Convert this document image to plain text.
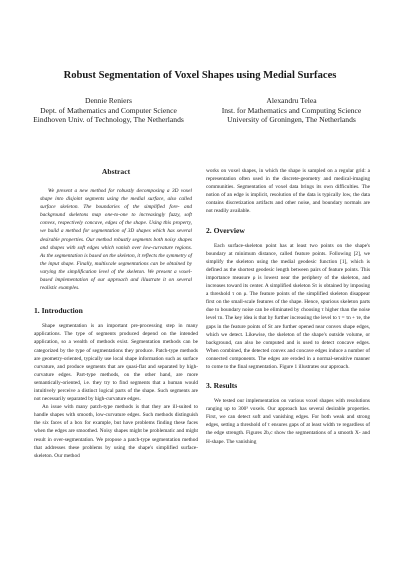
Robust Segmentation of Voxel Shapes using Medial Surfaces
Dennie Reniers
Dept. of Mathematics and Computer Science
Eindhoven Univ. of Technology, The Netherlands
Alexandru Telea
Inst. for Mathematics and Computing Science
University of Groningen, The Netherlands
Abstract

We present a new method for robustly decomposing a 3D voxel shape into disjoint segments using the medial surface, also called surface skeleton. The boundaries of the simplified fore- and background skeletons map one-to-one to increasingly fuzzy, soft convex, respectively concave, edges of the shape. Using this property, we build a method for segmentation of 3D shapes which has several desirable properties. Our method robustly segments both noisy shapes and shapes with soft edges which vanish over low-curvature regions. As the segmentation is based on the skeleton, it reflects the symmetry of the input shape. Finally, multiscale segmentations can be obtained by varying the simplification level of the skeleton. We present a voxel-based implementation of our approach and illustrate it on several realistic examples.

1. Introduction

Shape segmentation is an important pre-processing step in many applications. The type of segments produced depend on the intended application, so a wealth of methods exist. Segmentation methods can be categorized by the type of segmentations they produce. Patch-type methods are geometry-oriented, typically use local shape information such as surface curvature, and produce segments that are quasi-flat and separated by high-curvature edges. Part-type methods, on the other hand, are more semantically-oriented, i.e. they try to find segments that a human would intuitively perceive a distinct logical parts of the shape. Such segments are not necessarily separated by high-curvature edges.

An issue with many patch-type methods is that they are ill-suited to handle shapes with smooth, low-curvature edges. Such methods distinguish the six faces of a box for example, but have problems finding these faces when the edges are smoothed. Noisy shapes might be problematic and might result in over-segmentation. We propose a patch-type segmentation method that addresses these problems by using the shape's simplified surface-skeleton. Our method

works on voxel shapes, in which the shape is sampled on a regular grid: a representation often used in the discrete-geometry and medical-imaging communities. Segmentation of voxel data brings its own difficulties. The notion of an edge is implicit, resolution of the data is typically low, the data contains discretization artifacts and other noise, and boundary normals are not readily available.

2. Overview

Each surface-skeleton point has at least two points on the shape's boundary at minimum distance, called feature points. Following [2], we simplify the skeleton using the medial geodesic function [1], which is defined as the shortest geodesic length between pairs of feature points. This importance measure ρ is lowest near the periphery of the skeleton, and increases toward its center. A simplified skeleton Sτ is obtained by imposing a threshold τ on ρ. The feature points of the simplified skeleton disappear first on the small-scale features of the shape. Hence, spurious skeleton parts due to boundary noise can be eliminated by choosing τ higher than the noise level τn. The key idea is that by further increasing the level to τ = τn + τe, the gaps in the feature points of Sτ are further opened near convex shape edges, which we detect. Likewise, the skeleton of the shape's outside volume, or background, can also be computed and is used to detect concave edges. When combined, the detected convex and concave edges induce a number of connected components. The edges are eroded in a normal-sensitive manner to come to the final segmentation. Figure 1 illustrates our approach.

3. Results

We tested our implementation on various voxel shapes with resolutions ranging up to 300³ voxels. Our approach has several desirable properties. First, we can detect soft and vanishing edges. For both weak and strong edges, setting a threshold of τ ensures gaps of at least width τe regardless of the edge strength. Figures 2b,c show the segmentations of a smooth X- and H-shape. The vanishing
